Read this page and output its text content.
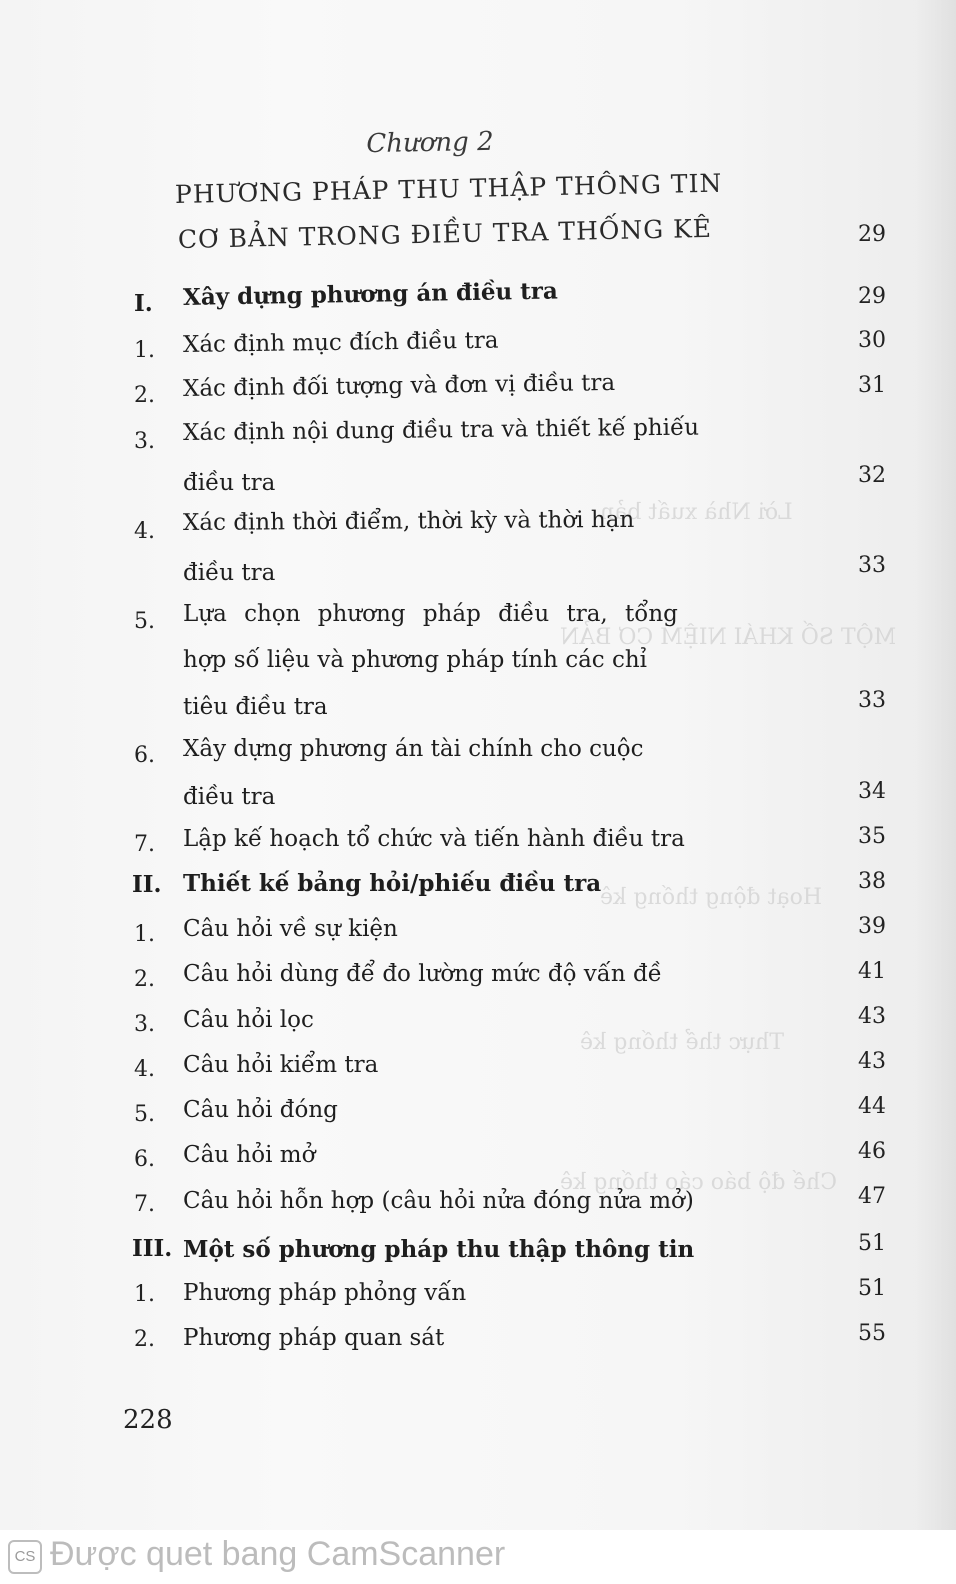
Lời Nhà xuất bản
MỘT SỐ KHÁI NIỆM CƠ BẢN
Hoạt động thống kê
Thực thể thống kê
Chế độ báo cáo thống kê
Chương 2
PHƯƠNG PHÁP THU THẬP THÔNG TIN
CƠ BẢN TRONG ĐIỀU TRA THỐNG KÊ	29
I. Xây dựng phương án điều tra	29
1. Xác định mục đích điều tra	30
2. Xác định đối tượng và đơn vị điều tra	31
3. Xác định nội dung điều tra và thiết kế phiếu
điều tra	32
4. Xác định thời điểm, thời kỳ và thời hạn
điều tra	33
5. Lựa chọn phương pháp điều tra, tổng
hợp số liệu và phương pháp tính các chỉ
tiêu điều tra	33
6. Xây dựng phương án tài chính cho cuộc
điều tra	34
7. Lập kế hoạch tổ chức và tiến hành điều tra	35
II. Thiết kế bảng hỏi/phiếu điều tra	38
1. Câu hỏi về sự kiện	39
2. Câu hỏi dùng để đo lường mức độ vấn đề	41
3. Câu hỏi lọc	43
4. Câu hỏi kiểm tra	43
5. Câu hỏi đóng	44
6. Câu hỏi mở	46
7. Câu hỏi hỗn hợp (câu hỏi nửa đóng nửa mở)	47
III. Một số phương pháp thu thập thông tin	51
1. Phương pháp phỏng vấn	51
2. Phương pháp quan sát	55
228
CS Được quet bang CamScanner
